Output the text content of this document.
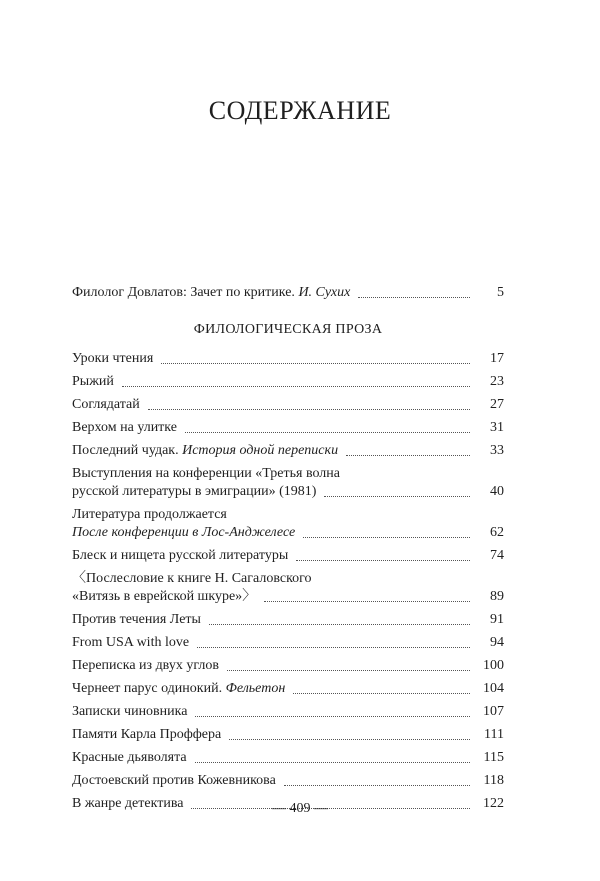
СОДЕРЖАНИЕ
Филолог Довлатов: Зачет по критике. И. Сухих	5
ФИЛОЛОГИЧЕСКАЯ ПРОЗА
Уроки чтения	17
Рыжий	23
Соглядатай	27
Верхом на улитке	31
Последний чудак. История одной переписки	33
Выступления на конференции «Третья волна
русской литературы в эмиграции» (1981)	40
Литература продолжается
После конференции в Лос-Анджелесе	62
Блеск и нищета русской литературы	74
〈Послесловие к книге Н. Сагаловского
«Витязь в еврейской шкуре»〉	89
Против течения Леты	91
From USA with love	94
Переписка из двух углов	100
Чернеет парус одинокий. Фельетон	104
Записки чиновника	107
Памяти Карла Проффера	111
Красные дьяволята	115
Достоевский против Кожевникова	118
В жанре детектива	122
— 409 —
